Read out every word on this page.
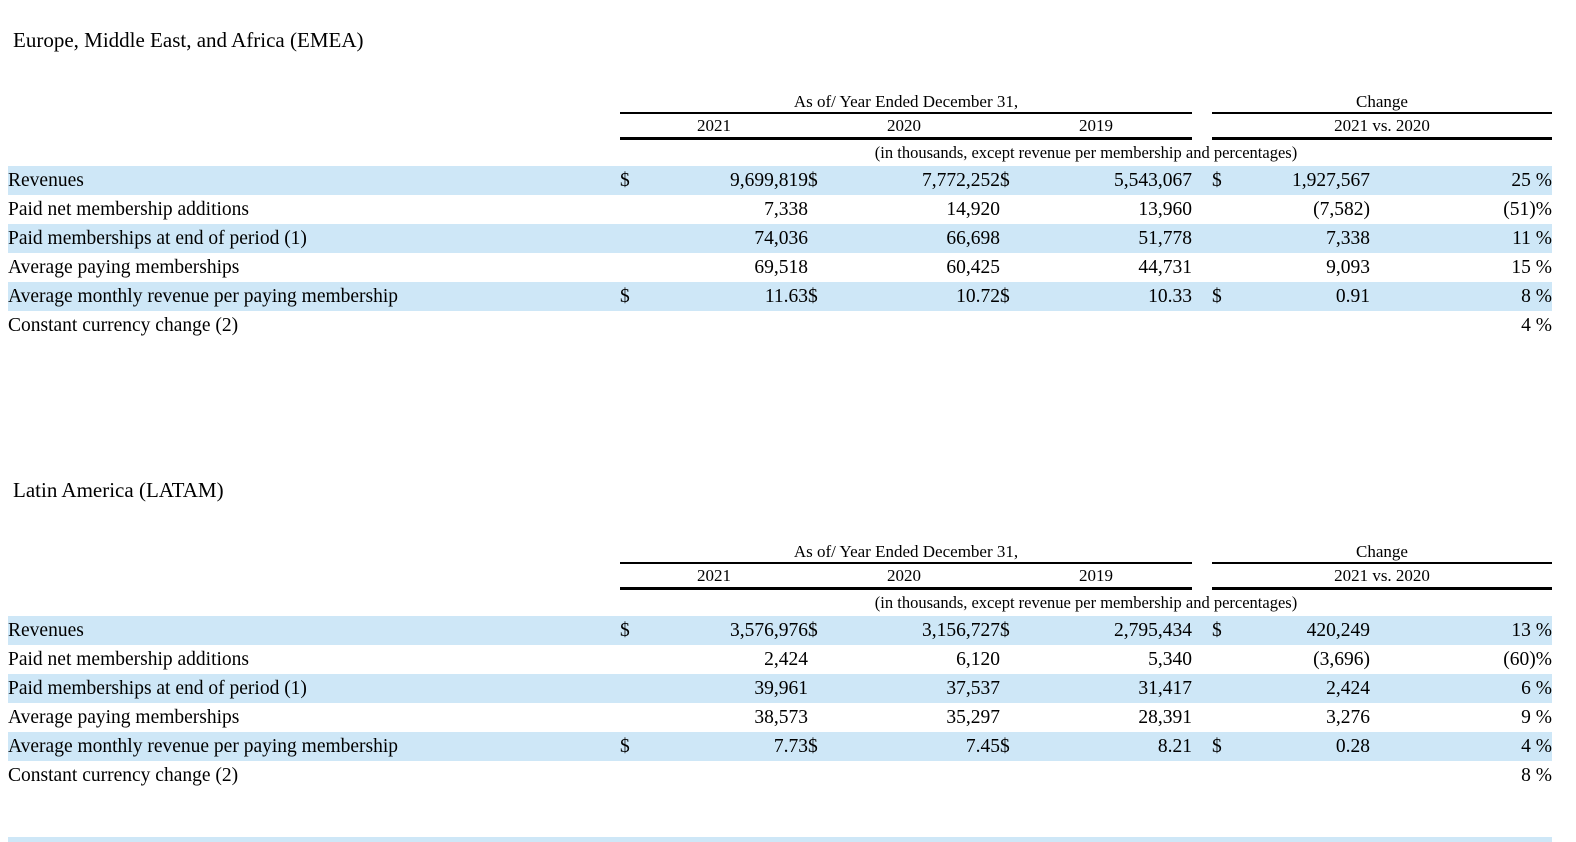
Europe, Middle East, and Africa (EMEA)
	As of/ Year Ended December 31,							Change		
	2021		2020		2019			2021 vs. 2020		
	(in thousands, except revenue per membership and percentages)									
Revenues	$	9,699,819	$	7,772,252	$	5,543,067		$	1,927,567	25 %
Paid net membership additions		7,338		14,920		13,960			(7,582)	(51)%
Paid memberships at end of period (1)		74,036		66,698		51,778			7,338	11 %
Average paying memberships		69,518		60,425		44,731			9,093	15 %
Average monthly revenue per paying membership	$	11.63	$	10.72	$	10.33		$	0.91	8 %
Constant currency change (2)										4 %
Latin America (LATAM)
	As of/ Year Ended December 31,							Change		
	2021		2020		2019			2021 vs. 2020		
	(in thousands, except revenue per membership and percentages)									
Revenues	$	3,576,976	$	3,156,727	$	2,795,434		$	420,249	13 %
Paid net membership additions		2,424		6,120		5,340			(3,696)	(60)%
Paid memberships at end of period (1)		39,961		37,537		31,417			2,424	6 %
Average paying memberships		38,573		35,297		28,391			3,276	9 %
Average monthly revenue per paying membership	$	7.73	$	7.45	$	8.21		$	0.28	4 %
Constant currency change (2)										8 %
